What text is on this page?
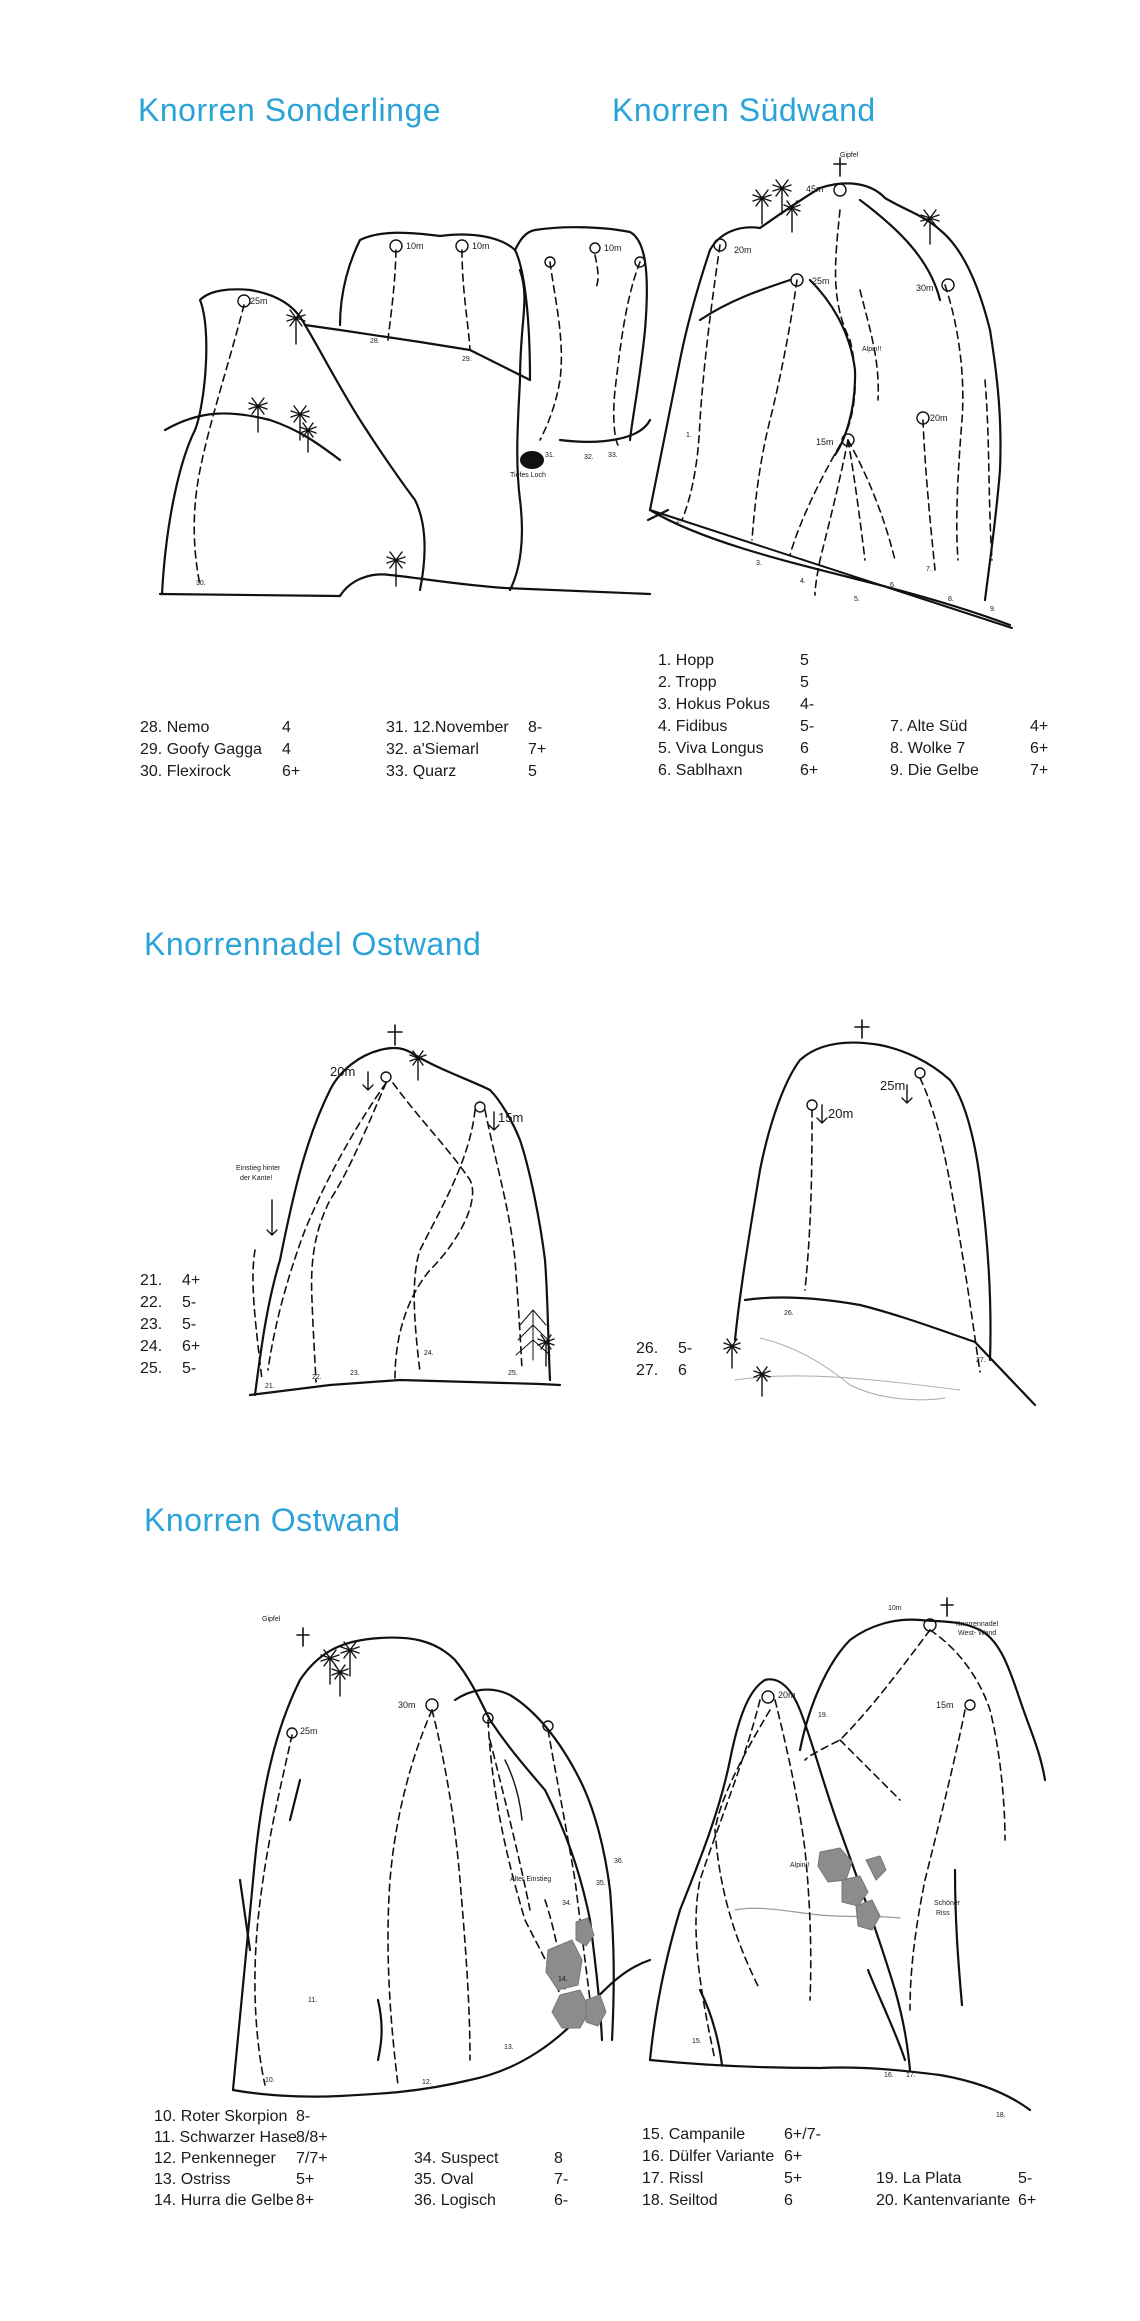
Knorren Sonderlinge	Knorren Südwand
Knorrennadel Ostwand
Knorren Ostwand
25m
10m	10m	10m
Tiefes Loch
30.
28.
29.
31.	32. 33.
Gipfel
45m
20m
25m
30m
20m
15m
Alpin!!
1.
2.
3.
4.
5.
6.
7.
8.
9.
20m
15m
Einstieg hinter
der Kante!
21.
22.
23.
24.
25.
25m
20m
26.
27.
Gipfel
25m
30m
Alter Einstieg
10.
11.
12.
13.
14.
34.
35.
36.
10m
Knorrennadel
West- Wand
20m
15m
Alpin!!
Schöner
Riss
19.
15.
16. 17.
18.
28. Nemo	4
29. Goofy Gagga	4
30. Flexirock	6+
31. 12.November	8-
32. a'Siemarl	7+
33. Quarz	5
1. Hopp	5
2. Tropp	5
3. Hokus Pokus	4-
4. Fidibus	5-
5. Viva Longus	6
6. Sablhaxn	6+
7. Alte Süd	4+
8. Wolke 7	6+
9. Die Gelbe	7+
21.	4+
22.	5-
23.	5-
24.	6+
25.	5-
26.	5-
27.	6
10. Roter Skorpion 8-
11. Schwarzer Hase 8/8+
12. Penkenneger	7/7+
13. Ostriss	5+
14. Hurra die Gelbe 8+
34. Suspect	8
35. Oval	7-
36. Logisch	6-
15. Campanile	6+/7-
16. Dülfer Variante 6+
17. Rissl	5+
18. Seiltod	6
19. La Plata	5-
20. Kantenvariante 6+
